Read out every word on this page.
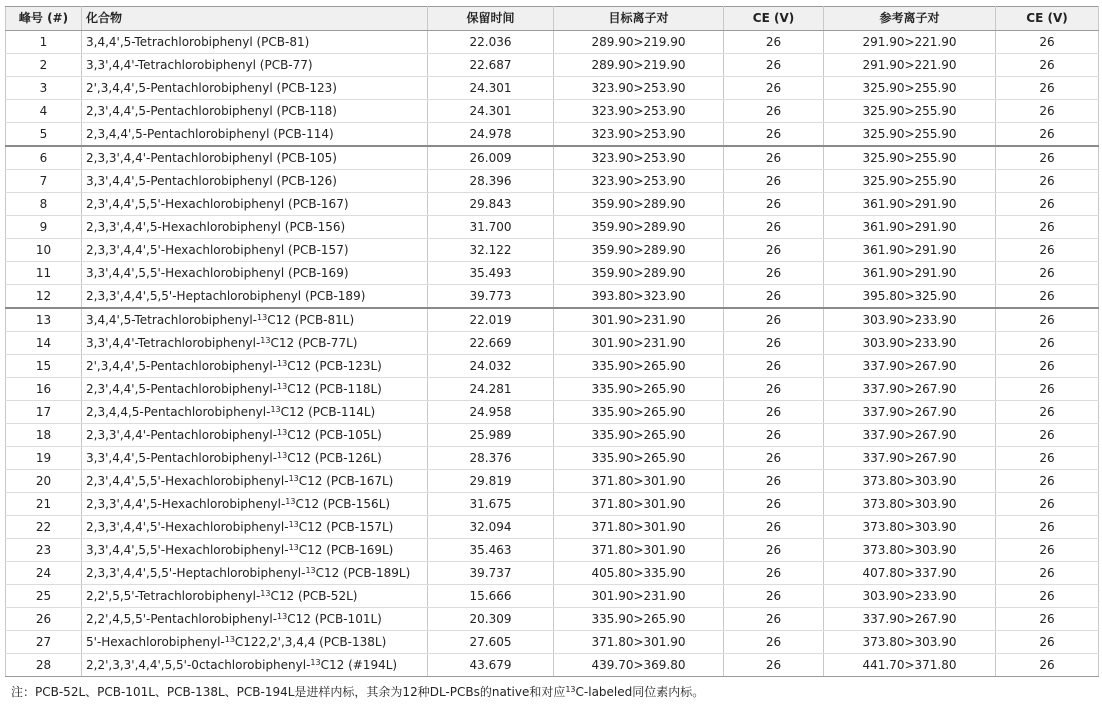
峰号 (#)	化合物	保留时间	目标离子对	CE (V)	参考离子对	CE (V)
1	3,4,4',5-Tetrachlorobiphenyl (PCB-81)	22.036	289.90>219.90	26	291.90>221.90	26
2	3,3',4,4'-Tetrachlorobiphenyl (PCB-77)	22.687	289.90>219.90	26	291.90>221.90	26
3	2',3,4,4',5-Pentachlorobiphenyl (PCB-123)	24.301	323.90>253.90	26	325.90>255.90	26
4	2,3',4,4',5-Pentachlorobiphenyl (PCB-118)	24.301	323.90>253.90	26	325.90>255.90	26
5	2,3,4,4',5-Pentachlorobiphenyl (PCB-114)	24.978	323.90>253.90	26	325.90>255.90	26
6	2,3,3',4,4'-Pentachlorobiphenyl (PCB-105)	26.009	323.90>253.90	26	325.90>255.90	26
7	3,3',4,4',5-Pentachlorobiphenyl (PCB-126)	28.396	323.90>253.90	26	325.90>255.90	26
8	2,3',4,4',5,5'-Hexachlorobiphenyl (PCB-167)	29.843	359.90>289.90	26	361.90>291.90	26
9	2,3,3',4,4',5-Hexachlorobiphenyl (PCB-156)	31.700	359.90>289.90	26	361.90>291.90	26
10	2,3,3',4,4',5'-Hexachlorobiphenyl (PCB-157)	32.122	359.90>289.90	26	361.90>291.90	26
11	3,3',4,4',5,5'-Hexachlorobiphenyl (PCB-169)	35.493	359.90>289.90	26	361.90>291.90	26
12	2,3,3',4,4',5,5'-Heptachlorobiphenyl (PCB-189)	39.773	393.80>323.90	26	395.80>325.90	26
13	3,4,4',5-Tetrachlorobiphenyl-$^{13}$C12 (PCB-81L)	22.019	301.90>231.90	26	303.90>233.90	26
14	3,3',4,4'-Tetrachlorobiphenyl-$^{13}$C12 (PCB-77L)	22.669	301.90>231.90	26	303.90>233.90	26
15	2',3,4,4',5-Pentachlorobiphenyl-$^{13}$C12 (PCB-123L)	24.032	335.90>265.90	26	337.90>267.90	26
16	2,3',4,4',5-Pentachlorobiphenyl-$^{13}$C12 (PCB-118L)	24.281	335.90>265.90	26	337.90>267.90	26
17	2,3,4,4,5-Pentachlorobiphenyl-$^{13}$C12 (PCB-114L)	24.958	335.90>265.90	26	337.90>267.90	26
18	2,3,3',4,4'-Pentachlorobiphenyl-$^{13}$C12 (PCB-105L)	25.989	335.90>265.90	26	337.90>267.90	26
19	3,3',4,4',5-Pentachlorobiphenyl-$^{13}$C12 (PCB-126L)	28.376	335.90>265.90	26	337.90>267.90	26
20	2,3',4,4',5,5'-Hexachlorobiphenyl-$^{13}$C12 (PCB-167L)	29.819	371.80>301.90	26	373.80>303.90	26
21	2,3,3',4,4',5-Hexachlorobiphenyl-$^{13}$C12 (PCB-156L)	31.675	371.80>301.90	26	373.80>303.90	26
22	2,3,3',4,4',5'-Hexachlorobiphenyl-$^{13}$C12 (PCB-157L)	32.094	371.80>301.90	26	373.80>303.90	26
23	3,3',4,4',5,5'-Hexachlorobiphenyl-$^{13}$C12 (PCB-169L)	35.463	371.80>301.90	26	373.80>303.90	26
24	2,3,3',4,4',5,5'-Heptachlorobiphenyl-$^{13}$C12 (PCB-189L)	39.737	405.80>335.90	26	407.80>337.90	26
25	2,2',5,5'-Tetrachlorobiphenyl-$^{13}$C12 (PCB-52L)	15.666	301.90>231.90	26	303.90>233.90	26
26	2,2',4,5,5'-Pentachlorobiphenyl-$^{13}$C12 (PCB-101L)	20.309	335.90>265.90	26	337.90>267.90	26
27	5'-Hexachlorobiphenyl-$^{13}$C122,2',3,4,4 (PCB-138L)	27.605	371.80>301.90	26	373.80>303.90	26
28	2,2',3,3',4,4',5,5'-0ctachlorobiphenyl-$^{13}$C12 (#194L)	43.679	439.70>369.80	26	441.70>371.80	26
注：PCB-52L、PCB-101L、PCB-138L、PCB-194L是进样内标，其余为12种DL-PCBs的native和对应$^{13}$C-labeled同位素内标。
